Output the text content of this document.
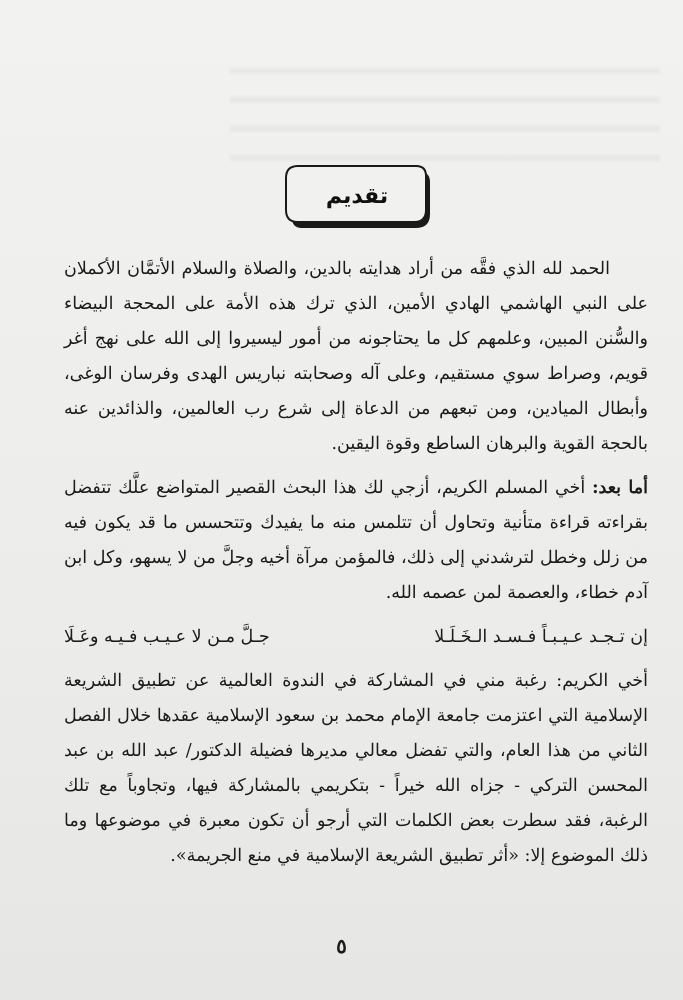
تقديم

الحمد لله الذي فقَّه من أراد هدايته بالدين، والصلاة والسلام الأتمَّان الأكملان على النبي الهاشمي الهادي الأمين، الذي ترك هذه الأمة على المحجة البيضاء والسُّنن المبين، وعلمهم كل ما يحتاجونه من أمور ليسيروا إلى الله على نهج أغر قويم، وصراط سوي مستقيم، وعلى آله وصحابته نباريس الهدى وفرسان الوغى، وأبطال الميادين، ومن تبعهم من الدعاة إلى شرع رب العالمين، والذائدين عنه بالحجة القوية والبرهان الساطع وقوة اليقين.

أما بعد: أخي المسلم الكريم، أزجي لك هذا البحث القصير المتواضع علَّك تتفضل بقراءته قراءة متأنية وتحاول أن تتلمس منه ما يفيدك وتتحسس ما قد يكون فيه من زلل وخطل لترشدني إلى ذلك، فالمؤمن مرآة أخيه وجلَّ من لا يسهو، وكل ابن آدم خطاء، والعصمة لمن عصمه الله.

إن تـجـد عـيـبـاً فـسـد الـخَـلَـلا
جـلَّ مـن لا عـيـب فـيـه وعَـلَا

أخي الكريم: رغبة مني في المشاركة في الندوة العالمية عن تطبيق الشريعة الإسلامية التي اعتزمت جامعة الإمام محمد بن سعود الإسلامية عقدها خلال الفصل الثاني من هذا العام، والتي تفضل معالي مديرها فضيلة الدكتور/ عبد الله بن عبد المحسن التركي - جزاه الله خيراً - بتكريمي بالمشاركة فيها، وتجاوباً مع تلك الرغبة، فقد سطرت بعض الكلمات التي أرجو أن تكون معبرة في موضوعها وما ذلك الموضوع إلا: «أثر تطبيق الشريعة الإسلامية في منع الجريمة».

٥
